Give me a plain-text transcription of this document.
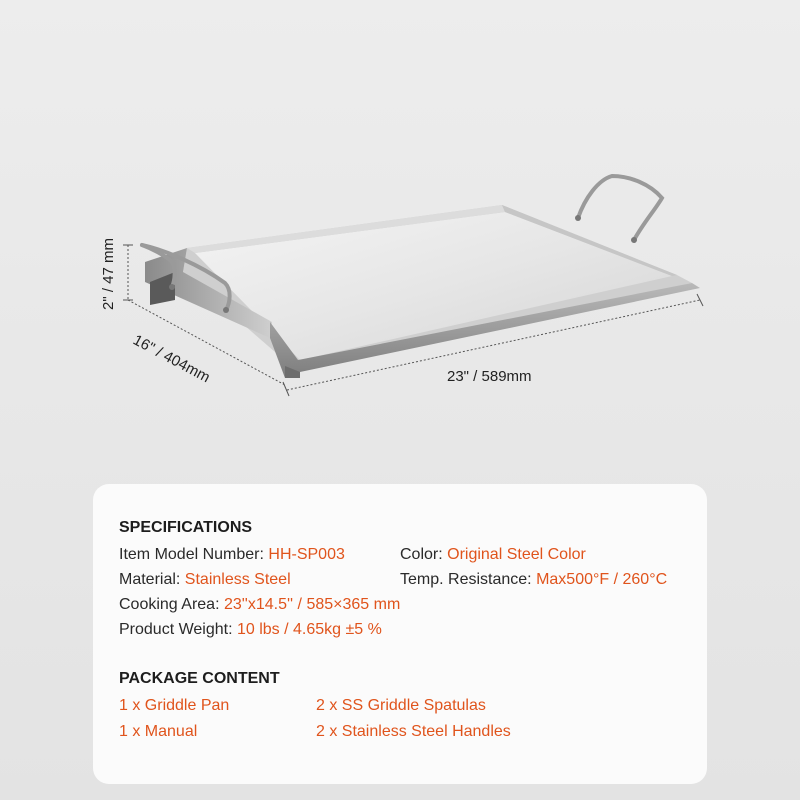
2" / 47 mm
16" / 404mm	23" / 589mm
SPECIFICATIONS
Item Model Number: HH-SP003	Color: Original Steel Color
Material: Stainless Steel	Temp. Resistance: Max500°F / 260°C
Cooking Area: 23''x14.5'' / 585×365 mm
Product Weight: 10 lbs / 4.65kg ±5 %
PACKAGE CONTENT
1 x Griddle Pan	2 x SS Griddle Spatulas
1 x Manual	2 x Stainless Steel Handles
